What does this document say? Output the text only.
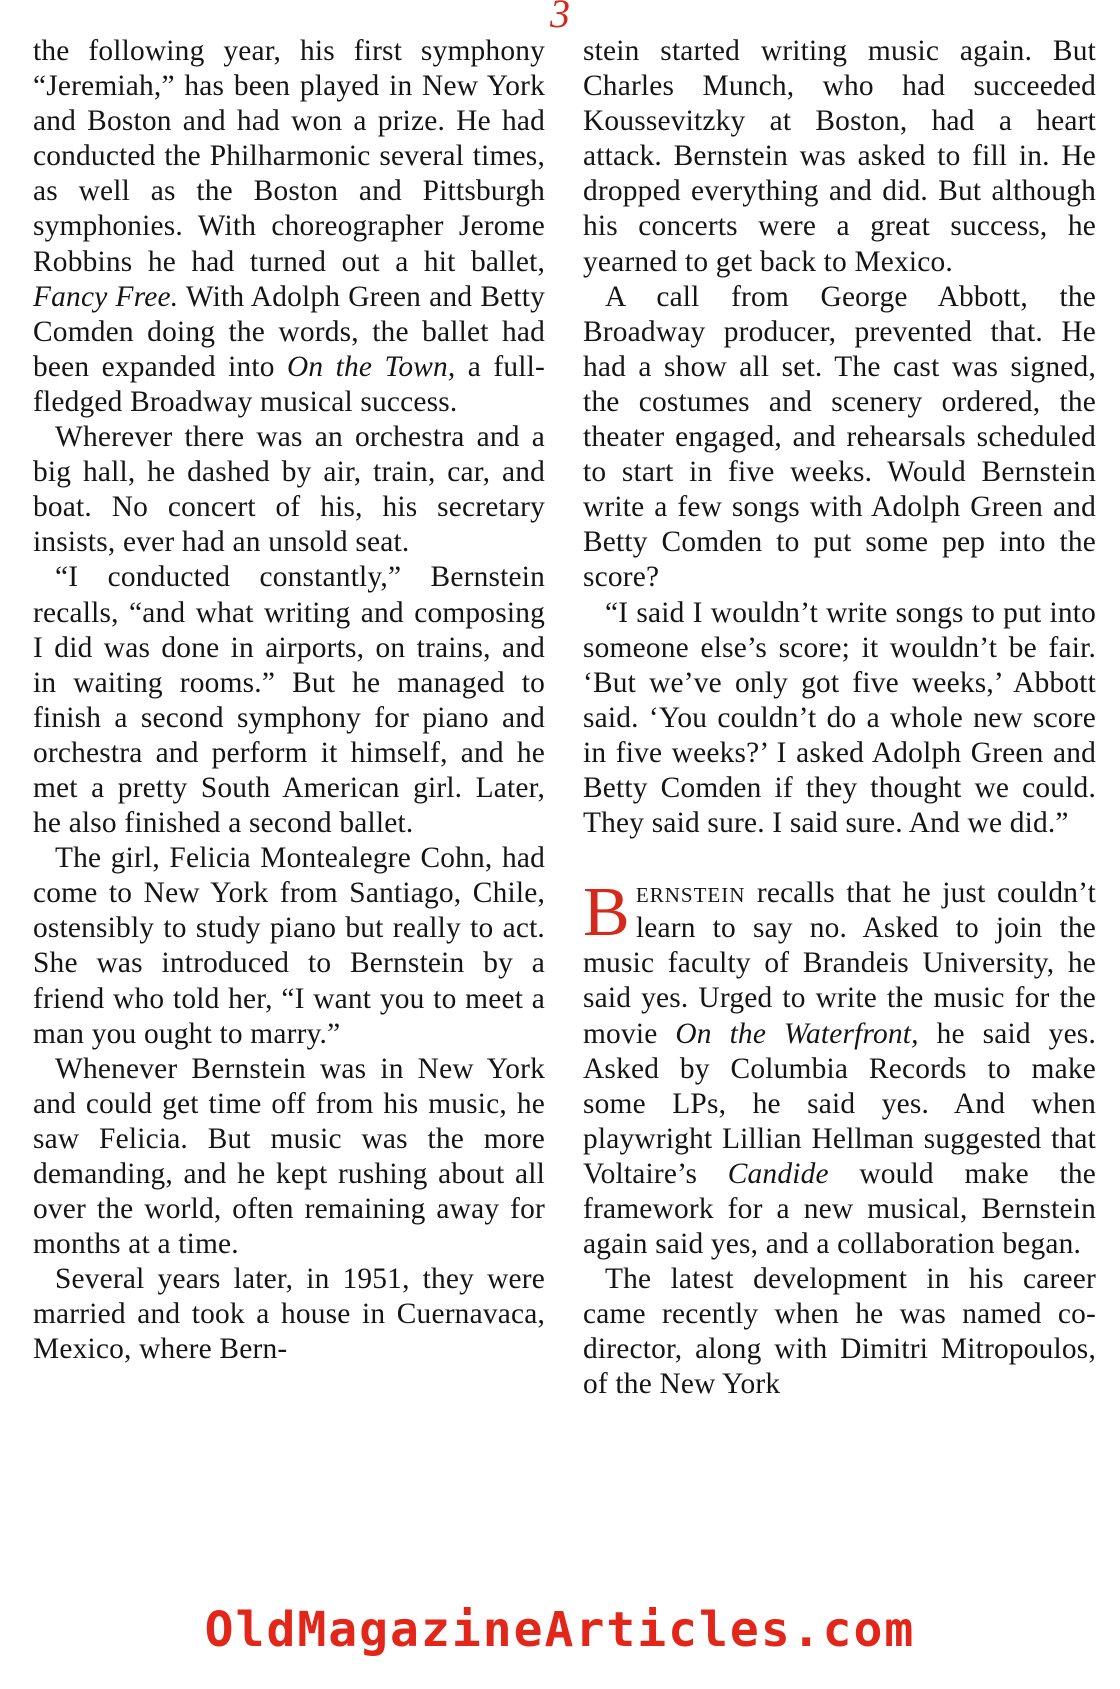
3

the following year, his first symphony “Jeremiah,” has been played in New York and Boston and had won a prize. He had conducted the Philharmonic several times, as well as the Boston and Pittsburgh symphonies. With choreographer Jerome Robbins he had turned out a hit ballet, Fancy Free. With Adolph Green and Betty Comden doing the words, the ballet had been expanded into On the Town, a full-fledged Broadway musical success.

Wherever there was an orchestra and a big hall, he dashed by air, train, car, and boat. No concert of his, his secretary insists, ever had an unsold seat.

“I conducted constantly,” Bernstein recalls, “and what writing and composing I did was done in airports, on trains, and in waiting rooms.” But he managed to finish a second symphony for piano and orchestra and perform it himself, and he met a pretty South American girl. Later, he also finished a second ballet.

The girl, Felicia Montealegre Cohn, had come to New York from Santiago, Chile, ostensibly to study piano but really to act. She was introduced to Bernstein by a friend who told her, “I want you to meet a man you ought to marry.”

Whenever Bernstein was in New York and could get time off from his music, he saw Felicia. But music was the more demanding, and he kept rushing about all over the world, often remaining away for months at a time.

Several years later, in 1951, they were married and took a house in Cuernavaca, Mexico, where Bern-

stein started writing music again. But Charles Munch, who had succeeded Koussevitzky at Boston, had a heart attack. Bernstein was asked to fill in. He dropped everything and did. But although his concerts were a great success, he yearned to get back to Mexico.

A call from George Abbott, the Broadway producer, prevented that. He had a show all set. The cast was signed, the costumes and scenery ordered, the theater engaged, and rehearsals scheduled to start in five weeks. Would Bernstein write a few songs with Adolph Green and Betty Comden to put some pep into the score?

“I said I wouldn’t write songs to put into someone else’s score; it wouldn’t be fair. ‘But we’ve only got five weeks,’ Abbott said. ‘You couldn’t do a whole new score in five weeks?’ I asked Adolph Green and Betty Comden if they thought we could. They said sure. I said sure. And we did.”

Bernstein recalls that he just couldn’t learn to say no. Asked to join the music faculty of Brandeis University, he said yes. Urged to write the music for the movie On the Waterfront, he said yes. Asked by Columbia Records to make some LPs, he said yes. And when playwright Lillian Hellman suggested that Voltaire’s Candide would make the framework for a new musical, Bernstein again said yes, and a collaboration began.

The latest development in his career came recently when he was named co-director, along with Dimitri Mitropoulos, of the New York

OldMagazineArticles.com
